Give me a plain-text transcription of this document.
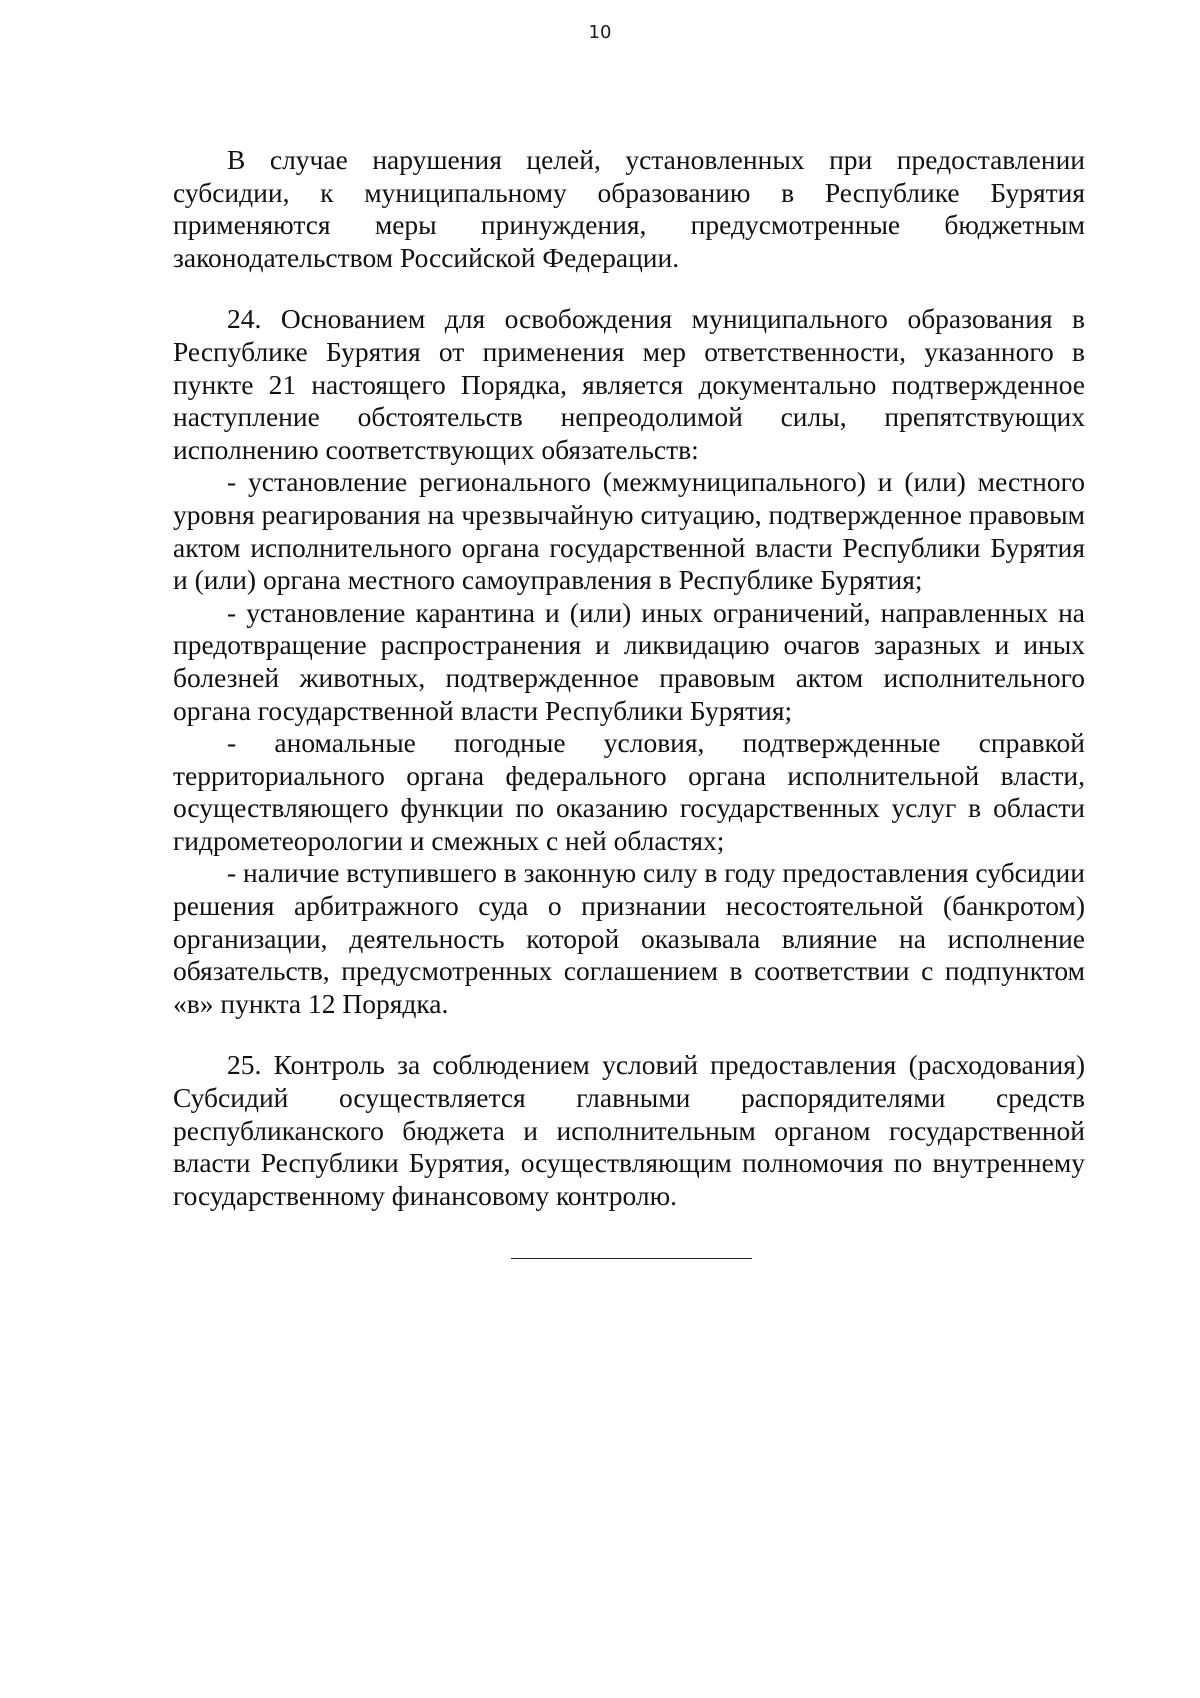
10

В случае нарушения целей, установленных при предоставлении субсидии, к муниципальному образованию в Республике Бурятия применяются меры принуждения, предусмотренные бюджетным законодательством Российской Федерации.

24. Основанием для освобождения муниципального образования в Республике Бурятия от применения мер ответственности, указанного в пункте 21 настоящего Порядка, является документально подтвержденное наступление обстоятельств непреодолимой силы, препятствующих исполнению соответствующих обязательств:

- установление регионального (межмуниципального) и (или) местного уровня реагирования на чрезвычайную ситуацию, подтвержденное правовым актом исполнительного органа государственной власти Республики Бурятия и (или) органа местного самоуправления в Республике Бурятия;

- установление карантина и (или) иных ограничений, направленных на предотвращение распространения и ликвидацию очагов заразных и иных болезней животных, подтвержденное правовым актом исполнительного органа государственной власти Республики Бурятия;

- аномальные погодные условия, подтвержденные справкой территориального органа федерального органа исполнительной власти, осуществляющего функции по оказанию государственных услуг в области гидрометеорологии и смежных с ней областях;

- наличие вступившего в законную силу в году предоставления субсидии решения арбитражного суда о признании несостоятельной (банкротом) организации, деятельность которой оказывала влияние на исполнение обязательств, предусмотренных соглашением в соответствии с подпунктом «в» пункта 12 Порядка.

25. Контроль за соблюдением условий предоставления (расходования) Субсидий осуществляется главными распорядителями средств республиканского бюджета и исполнительным органом государственной власти Республики Бурятия, осуществляющим полномочия по внутреннему государственному финансовому контролю.
